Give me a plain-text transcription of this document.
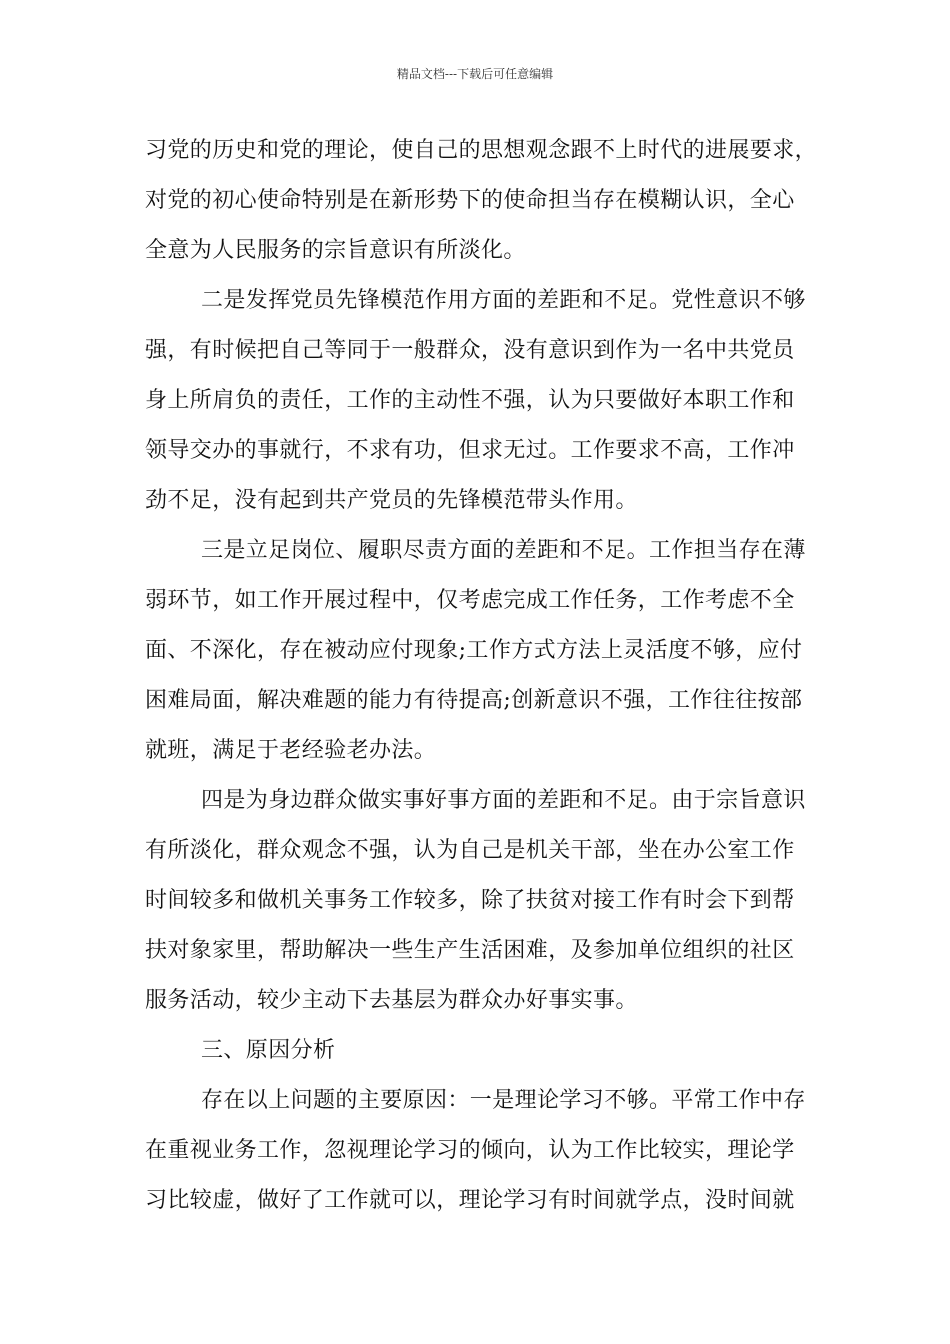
精品文档---下载后可任意编辑

习党的历史和党的理论，使自己的思想观念跟不上时代的进展要求，
对党的初心使命特别是在新形势下的使命担当存在模糊认识，全心
全意为人民服务的宗旨意识有所淡化。

二是发挥党员先锋模范作用方面的差距和不足。党性意识不够
强，有时候把自己等同于一般群众，没有意识到作为一名中共党员
身上所肩负的责任，工作的主动性不强，认为只要做好本职工作和
领导交办的事就行，不求有功，但求无过。工作要求不高，工作冲
劲不足，没有起到共产党员的先锋模范带头作用。

三是立足岗位、履职尽责方面的差距和不足。工作担当存在薄
弱环节，如工作开展过程中，仅考虑完成工作任务，工作考虑不全
面、不深化，存在被动应付现象;工作方式方法上灵活度不够，应付
困难局面，解决难题的能力有待提高;创新意识不强，工作往往按部
就班，满足于老经验老办法。

四是为身边群众做实事好事方面的差距和不足。由于宗旨意识
有所淡化，群众观念不强，认为自己是机关干部，坐在办公室工作
时间较多和做机关事务工作较多，除了扶贫对接工作有时会下到帮
扶对象家里，帮助解决一些生产生活困难，及参加单位组织的社区
服务活动，较少主动下去基层为群众办好事实事。

三、原因分析

存在以上问题的主要原因：一是理论学习不够。平常工作中存
在重视业务工作，忽视理论学习的倾向，认为工作比较实，理论学
习比较虚，做好了工作就可以，理论学习有时间就学点，没时间就
